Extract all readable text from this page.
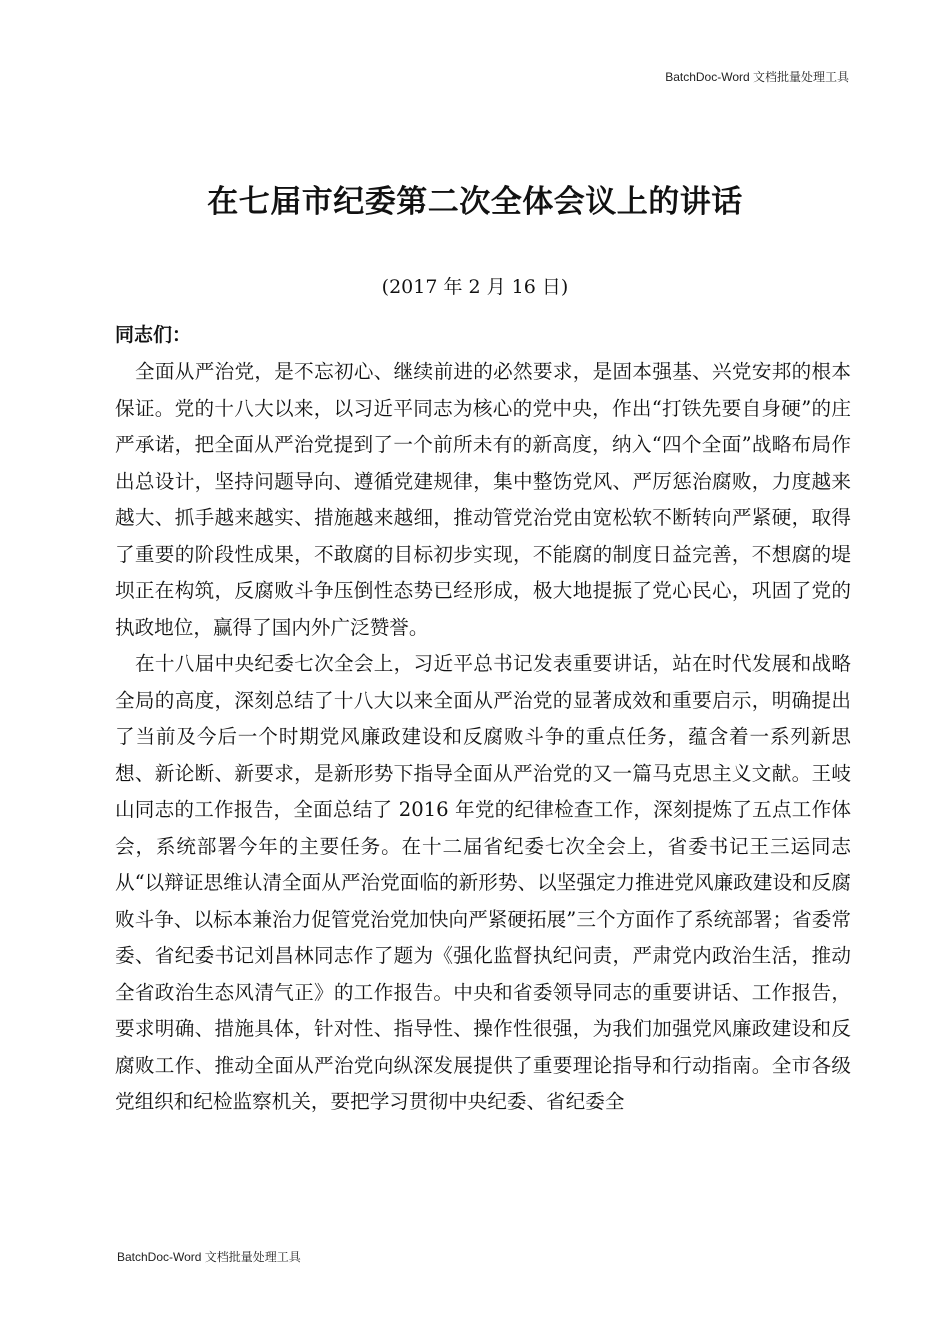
BatchDoc-Word 文档批量处理工具
在七届市纪委第二次全体会议上的讲话
(2017 年 2 月 16 日)

同志们：

全面从严治党，是不忘初心、继续前进的必然要求，是固本强基、兴党安邦的根本保证。党的十八大以来，以习近平同志为核心的党中央，作出“打铁先要自身硬”的庄严承诺，把全面从严治党提到了一个前所未有的新高度，纳入“四个全面”战略布局作出总设计，坚持问题导向、遵循党建规律，集中整饬党风、严厉惩治腐败，力度越来越大、抓手越来越实、措施越来越细，推动管党治党由宽松软不断转向严紧硬，取得了重要的阶段性成果，不敢腐的目标初步实现，不能腐的制度日益完善，不想腐的堤坝正在构筑，反腐败斗争压倒性态势已经形成，极大地提振了党心民心，巩固了党的执政地位，赢得了国内外广泛赞誉。

在十八届中央纪委七次全会上，习近平总书记发表重要讲话，站在时代发展和战略全局的高度，深刻总结了十八大以来全面从严治党的显著成效和重要启示，明确提出了当前及今后一个时期党风廉政建设和反腐败斗争的重点任务，蕴含着一系列新思想、新论断、新要求，是新形势下指导全面从严治党的又一篇马克思主义文献。王岐山同志的工作报告，全面总结了 2016 年党的纪律检查工作，深刻提炼了五点工作体会，系统部署今年的主要任务。在十二届省纪委七次全会上，省委书记王三运同志从“以辩证思维认清全面从严治党面临的新形势、以坚强定力推进党风廉政建设和反腐败斗争、以标本兼治力促管党治党加快向严紧硬拓展”三个方面作了系统部署；省委常委、省纪委书记刘昌林同志作了题为《强化监督执纪问责，严肃党内政治生活，推动全省政治生态风清气正》的工作报告。中央和省委领导同志的重要讲话、工作报告，要求明确、措施具体，针对性、指导性、操作性很强，为我们加强党风廉政建设和反腐败工作、推动全面从严治党向纵深发展提供了重要理论指导和行动指南。全市各级党组织和纪检监察机关，要把学习贯彻中央纪委、省纪委全

BatchDoc-Word 文档批量处理工具
